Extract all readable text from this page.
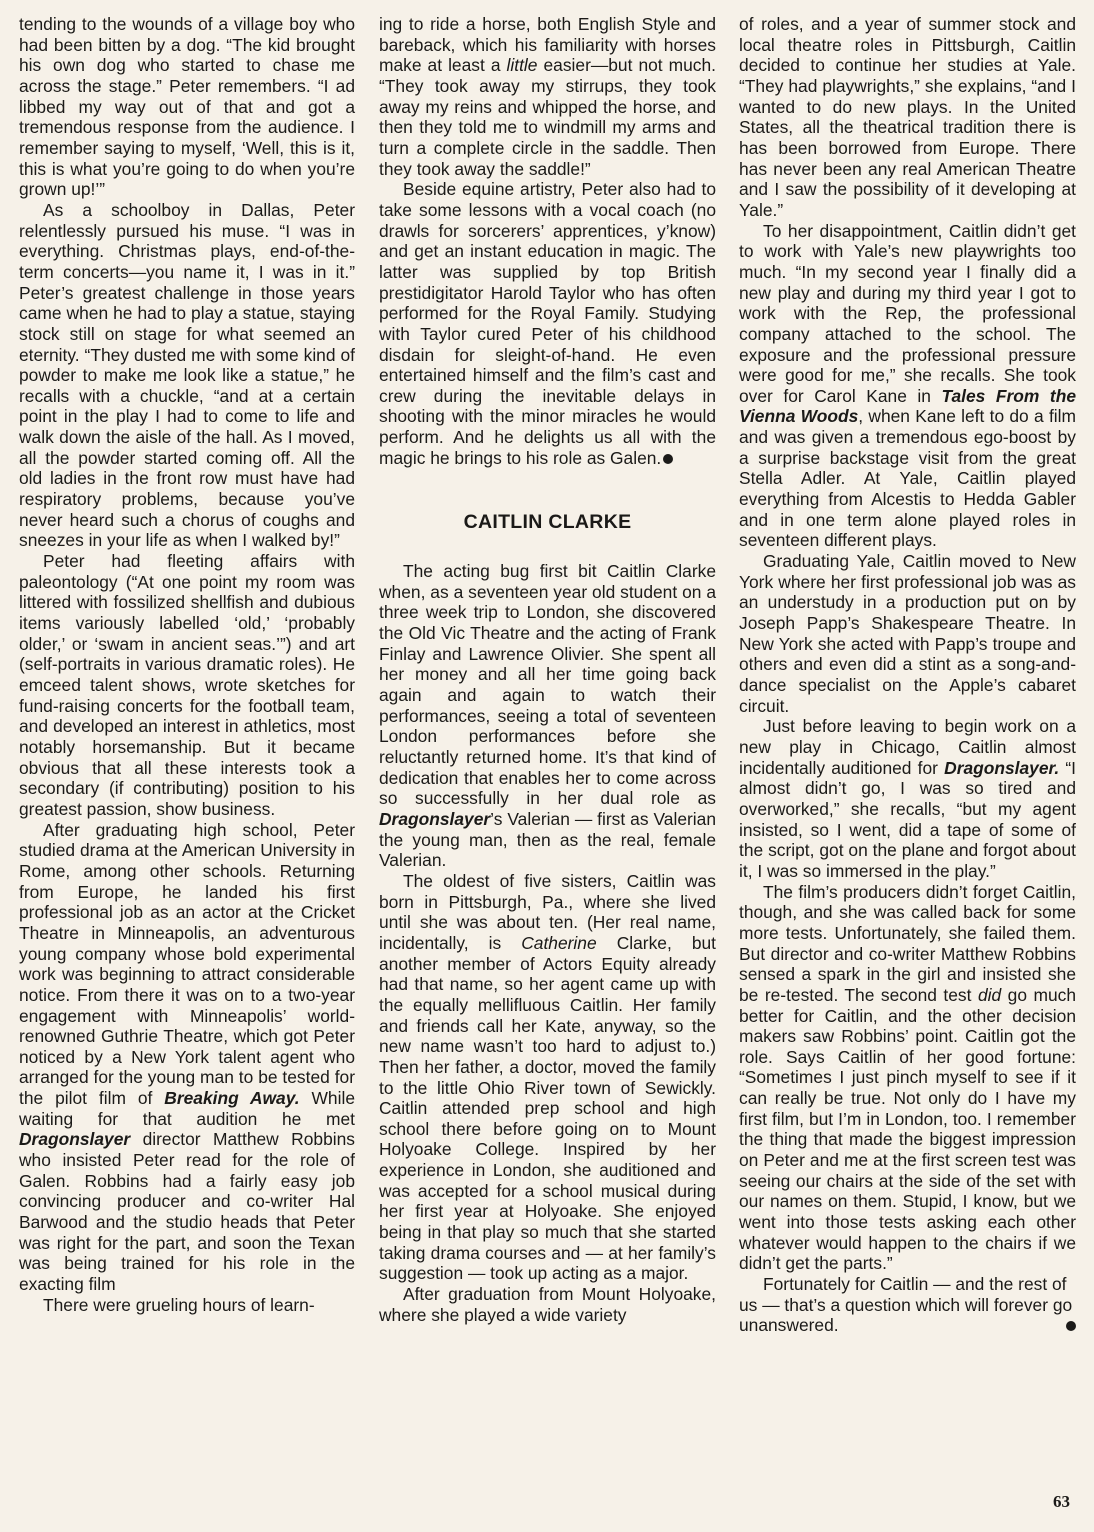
tending to the wounds of a village boy who had been bitten by a dog. “The kid brought his own dog who started to chase me across the stage.” Peter remembers. “I ad libbed my way out of that and got a tremendous response from the audience. I remember saying to myself, ‘Well, this is it, this is what you’re going to do when you’re grown up!’”

As a schoolboy in Dallas, Peter relentlessly pursued his muse. “I was in everything. Christmas plays, end-of-the-term concerts—you name it, I was in it.” Peter’s greatest challenge in those years came when he had to play a statue, staying stock still on stage for what seemed an eternity. “They dusted me with some kind of powder to make me look like a statue,” he recalls with a chuckle, “and at a certain point in the play I had to come to life and walk down the aisle of the hall. As I moved, all the powder started coming off. All the old ladies in the front row must have had respiratory problems, because you’ve never heard such a chorus of coughs and sneezes in your life as when I walked by!”

Peter had fleeting affairs with paleontology (“At one point my room was littered with fossilized shellfish and dubious items variously labelled ‘old,’ ‘probably older,’ or ‘swam in ancient seas.’”) and art (self-portraits in various dramatic roles). He emceed talent shows, wrote sketches for fund-raising concerts for the football team, and developed an interest in athletics, most notably horsemanship. But it became obvious that all these interests took a secondary (if contributing) position to his greatest passion, show business.

After graduating high school, Peter studied drama at the American University in Rome, among other schools. Returning from Europe, he landed his first professional job as an actor at the Cricket Theatre in Minneapolis, an adventurous young company whose bold experimental work was beginning to attract considerable notice. From there it was on to a two-year engagement with Minneapolis’ world-renowned Guthrie Theatre, which got Peter noticed by a New York talent agent who arranged for the young man to be tested for the pilot film of Breaking Away. While waiting for that audition he met Dragonslayer director Matthew Robbins who insisted Peter read for the role of Galen. Robbins had a fairly easy job convincing producer and co-writer Hal Barwood and the studio heads that Peter was right for the part, and soon the Texan was being trained for his role in the exacting film

There were grueling hours of learn-

ing to ride a horse, both English Style and bareback, which his familiarity with horses make at least a little easier—but not much. “They took away my stirrups, they took away my reins and whipped the horse, and then they told me to windmill my arms and turn a complete circle in the saddle. Then they took away the saddle!”

Beside equine artistry, Peter also had to take some lessons with a vocal coach (no drawls for sorcerers’ apprentices, y’know) and get an instant education in magic. The latter was supplied by top British prestidigitator Harold Taylor who has often performed for the Royal Family. Studying with Taylor cured Peter of his childhood disdain for sleight-of-hand. He even entertained himself and the film’s cast and crew during the inevitable delays in shooting with the minor miracles he would perform. And he delights us all with the magic he brings to his role as Galen.

CAITLIN CLARKE

The acting bug first bit Caitlin Clarke when, as a seventeen year old student on a three week trip to London, she discovered the Old Vic Theatre and the acting of Frank Finlay and Lawrence Olivier. She spent all her money and all her time going back again and again to watch their performances, seeing a total of seventeen London performances before she reluctantly returned home. It’s that kind of dedication that enables her to come across so successfully in her dual role as Dragonslayer’s Valerian — first as Valerian the young man, then as the real, female Valerian.

The oldest of five sisters, Caitlin was born in Pittsburgh, Pa., where she lived until she was about ten. (Her real name, incidentally, is Catherine Clarke, but another member of Actors Equity already had that name, so her agent came up with the equally mellifluous Caitlin. Her family and friends call her Kate, anyway, so the new name wasn’t too hard to adjust to.) Then her father, a doctor, moved the family to the little Ohio River town of Sewickly. Caitlin attended prep school and high school there before going on to Mount Holyoake College. Inspired by her experience in London, she auditioned and was accepted for a school musical during her first year at Holyoake. She enjoyed being in that play so much that she started taking drama courses and — at her family’s suggestion — took up acting as a major.

After graduation from Mount Holyoake, where she played a wide variety

of roles, and a year of summer stock and local theatre roles in Pittsburgh, Caitlin decided to continue her studies at Yale. “They had playwrights,” she explains, “and I wanted to do new plays. In the United States, all the theatrical tradition there is has been borrowed from Europe. There has never been any real American Theatre and I saw the possibility of it developing at Yale.”

To her disappointment, Caitlin didn’t get to work with Yale’s new playwrights too much. “In my second year I finally did a new play and during my third year I got to work with the Rep, the professional company attached to the school. The exposure and the professional pressure were good for me,” she recalls. She took over for Carol Kane in Tales From the Vienna Woods, when Kane left to do a film and was given a tremendous ego-boost by a surprise backstage visit from the great Stella Adler. At Yale, Caitlin played everything from Alcestis to Hedda Gabler and in one term alone played roles in seventeen different plays.

Graduating Yale, Caitlin moved to New York where her first professional job was as an understudy in a production put on by Joseph Papp’s Shakespeare Theatre. In New York she acted with Papp’s troupe and others and even did a stint as a song-and-dance specialist on the Apple’s cabaret circuit.

Just before leaving to begin work on a new play in Chicago, Caitlin almost incidentally auditioned for Dragonslayer. “I almost didn’t go, I was so tired and overworked,” she recalls, “but my agent insisted, so I went, did a tape of some of the script, got on the plane and forgot about it, I was so immersed in the play.”

The film’s producers didn’t forget Caitlin, though, and she was called back for some more tests. Unfortunately, she failed them. But director and co-writer Matthew Robbins sensed a spark in the girl and insisted she be re-tested. The second test did go much better for Caitlin, and the other decision makers saw Robbins’ point. Caitlin got the role. Says Caitlin of her good fortune: “Sometimes I just pinch myself to see if it can really be true. Not only do I have my first film, but I’m in London, too. I remember the thing that made the biggest impression on Peter and me at the first screen test was seeing our chairs at the side of the set with our names on them. Stupid, I know, but we went into those tests asking each other whatever would happen to the chairs if we didn’t get the parts.”

Fortunately for Caitlin — and the rest of us — that’s a question which will forever go unanswered.

63
